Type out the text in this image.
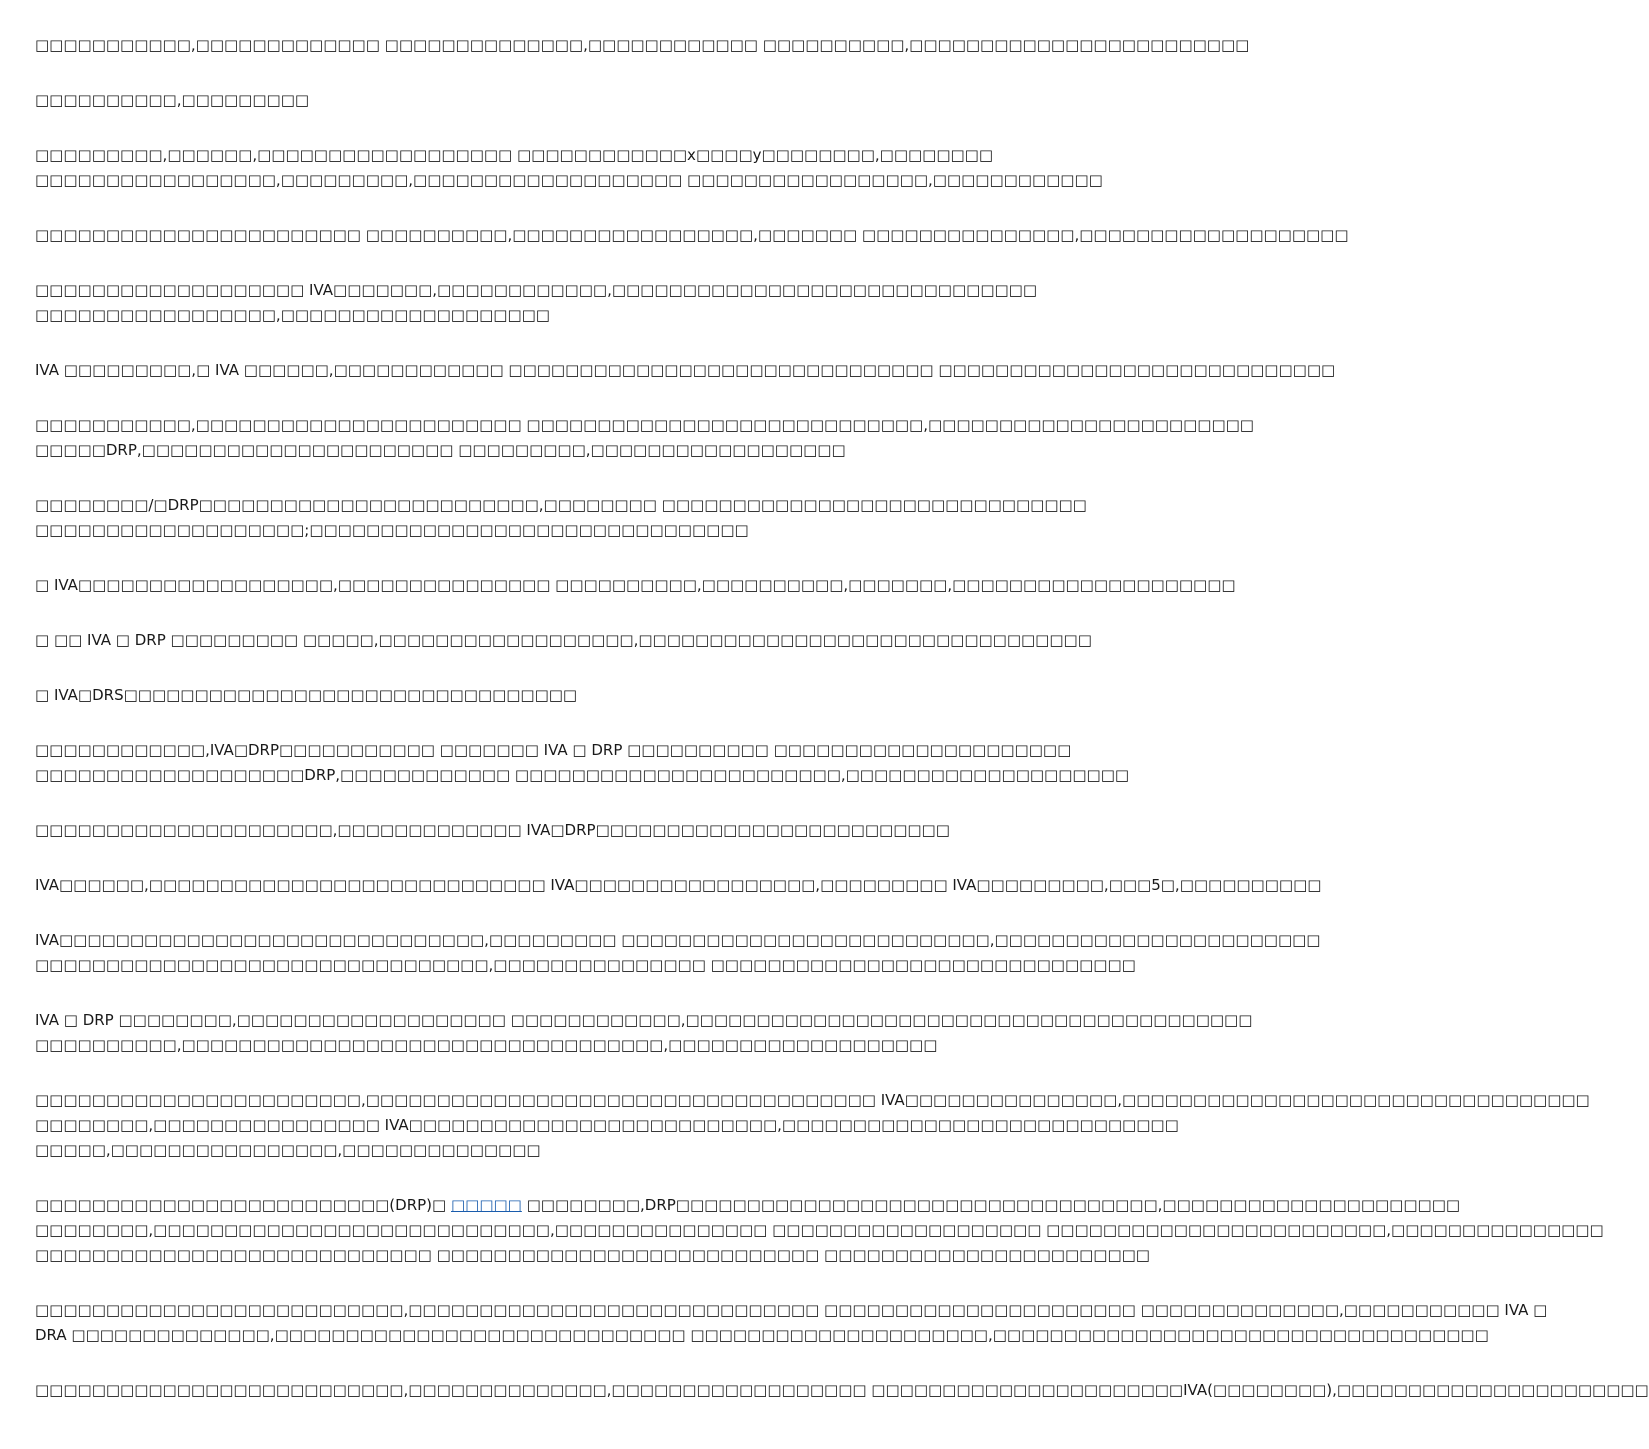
□□□□□□□□□□□,□□□□□□□□□□□□□ □□□□□□□□□□□□□□,□□□□□□□□□□□□ □□□□□□□□□□,□□□□□□□□□□□□□□□□□□□□□□□□
□□□□□□□□□□,□□□□□□□□□
□□□□□□□□□,□□□□□□,□□□□□□□□□□□□□□□□□□ □□□□□□□□□□□□x□□□□y□□□□□□□□,□□□□□□□□
□□□□□□□□□□□□□□□□□,□□□□□□□□□,□□□□□□□□□□□□□□□□□□□ □□□□□□□□□□□□□□□□□,□□□□□□□□□□□□
□□□□□□□□□□□□□□□□□□□□□□□ □□□□□□□□□□,□□□□□□□□□□□□□□□□□,□□□□□□□ □□□□□□□□□□□□□□□,□□□□□□□□□□□□□□□□□□□
□□□□□□□□□□□□□□□□□□□ IVA□□□□□□□,□□□□□□□□□□□□,□□□□□□□□□□□□□□□□□□□□□□□□□□□□□□
□□□□□□□□□□□□□□□□□,□□□□□□□□□□□□□□□□□□□
IVA □□□□□□□□□,□ IVA □□□□□□,□□□□□□□□□□□□ □□□□□□□□□□□□□□□□□□□□□□□□□□□□□□ □□□□□□□□□□□□□□□□□□□□□□□□□□□□
□□□□□□□□□□□,□□□□□□□□□□□□□□□□□□□□□□□ □□□□□□□□□□□□□□□□□□□□□□□□□□□□,□□□□□□□□□□□□□□□□□□□□□□□
□□□□□DRP,□□□□□□□□□□□□□□□□□□□□□□ □□□□□□□□□,□□□□□□□□□□□□□□□□□□
□□□□□□□□/□DRP□□□□□□□□□□□□□□□□□□□□□□□□,□□□□□□□□ □□□□□□□□□□□□□□□□□□□□□□□□□□□□□□
□□□□□□□□□□□□□□□□□□□;□□□□□□□□□□□□□□□□□□□□□□□□□□□□□□□
□ IVA□□□□□□□□□□□□□□□□□□,□□□□□□□□□□□□□□□ □□□□□□□□□□,□□□□□□□□□□,□□□□□□□,□□□□□□□□□□□□□□□□□□□□
□ □□ IVA □ DRP □□□□□□□□□ □□□□□,□□□□□□□□□□□□□□□□□□,□□□□□□□□□□□□□□□□□□□□□□□□□□□□□□□□
□ IVA□DRS□□□□□□□□□□□□□□□□□□□□□□□□□□□□□□□□
□□□□□□□□□□□□,IVA□DRP□□□□□□□□□□□ □□□□□□□ IVA □ DRP □□□□□□□□□□ □□□□□□□□□□□□□□□□□□□□□
□□□□□□□□□□□□□□□□□□□DRP,□□□□□□□□□□□□ □□□□□□□□□□□□□□□□□□□□□□□,□□□□□□□□□□□□□□□□□□□□
□□□□□□□□□□□□□□□□□□□□□,□□□□□□□□□□□□□ IVA□DRP□□□□□□□□□□□□□□□□□□□□□□□□□
IVA□□□□□□,□□□□□□□□□□□□□□□□□□□□□□□□□□□□ IVA□□□□□□□□□□□□□□□□□,□□□□□□□□□ IVA□□□□□□□□□,□□□5□,□□□□□□□□□□
IVA□□□□□□□□□□□□□□□□□□□□□□□□□□□□□□,□□□□□□□□□ □□□□□□□□□□□□□□□□□□□□□□□□□□,□□□□□□□□□□□□□□□□□□□□□□□
□□□□□□□□□□□□□□□□□□□□□□□□□□□□□□□□,□□□□□□□□□□□□□□□ □□□□□□□□□□□□□□□□□□□□□□□□□□□□□□
IVA □ DRP □□□□□□□□,□□□□□□□□□□□□□□□□□□□ □□□□□□□□□□□□,□□□□□□□□□□□□□□□□□□□□□□□□□□□□□□□□□□□□□□□□
□□□□□□□□□□,□□□□□□□□□□□□□□□□□□□□□□□□□□□□□□□□□□,□□□□□□□□□□□□□□□□□□□
□□□□□□□□□□□□□□□□□□□□□□□,□□□□□□□□□□□□□□□□□□□□□□□□□□□□□□□□□□□□ IVA□□□□□□□□□□□□□□□,□□□□□□□□□□□□□□□□□□□□□□□□□□□□□□□□□
□□□□□□□□,□□□□□□□□□□□□□□□□ IVA□□□□□□□□□□□□□□□□□□□□□□□□□□,□□□□□□□□□□□□□□□□□□□□□□□□□□□□
□□□□□,□□□□□□□□□□□□□□□□,□□□□□□□□□□□□□□
□□□□□□□□□□□□□□□□□□□□□□□□□(DRP)□ □□□□□ □□□□□□□□,DRP□□□□□□□□□□□□□□□□□□□□□□□□□□□□□□□□□□,□□□□□□□□□□□□□□□□□□□□□
□□□□□□□□,□□□□□□□□□□□□□□□□□□□□□□□□□□□□,□□□□□□□□□□□□□□□ □□□□□□□□□□□□□□□□□□□ □□□□□□□□□□□□□□□□□□□□□□□□,□□□□□□□□□□□□□□□
□□□□□□□□□□□□□□□□□□□□□□□□□□□□ □□□□□□□□□□□□□□□□□□□□□□□□□□□ □□□□□□□□□□□□□□□□□□□□□□□
□□□□□□□□□□□□□□□□□□□□□□□□□□,□□□□□□□□□□□□□□□□□□□□□□□□□□□□□ □□□□□□□□□□□□□□□□□□□□□□ □□□□□□□□□□□□□□,□□□□□□□□□□□ IVA □
DRA □□□□□□□□□□□□□□,□□□□□□□□□□□□□□□□□□□□□□□□□□□□□ □□□□□□□□□□□□□□□□□□□□□,□□□□□□□□□□□□□□□□□□□□□□□□□□□□□□□□□□□
□□□□□□□□□□□□□□□□□□□□□□□□□□,□□□□□□□□□□□□□□,□□□□□□□□□□□□□□□□□□ □□□□□□□□□□□□□□□□□□□□□□IVA(□□□□□□□□),□□□□□□□□□□□□□□□□□□□□□□
